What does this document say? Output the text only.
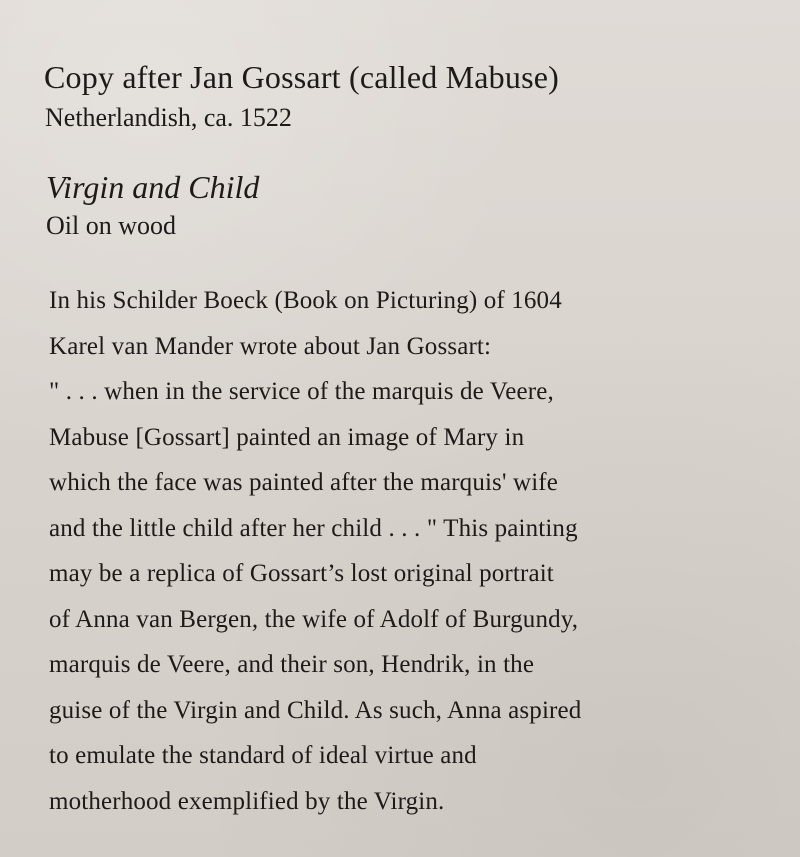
Copy after Jan Gossart (called Mabuse)
Netherlandish, ca. 1522
Virgin and Child
Oil on wood
In his Schilder Boeck (Book on Picturing) of 1604
Karel van Mander wrote about Jan Gossart:
" . . . when in the service of the marquis de Veere,
Mabuse [Gossart] painted an image of Mary in
which the face was painted after the marquis' wife
and the little child after her child . . . " This painting
may be a replica of Gossart’s lost original portrait
of Anna van Bergen, the wife of Adolf of Burgundy,
marquis de Veere, and their son, Hendrik, in the
guise of the Virgin and Child. As such, Anna aspired
to emulate the standard of ideal virtue and
motherhood exemplified by the Virgin.
